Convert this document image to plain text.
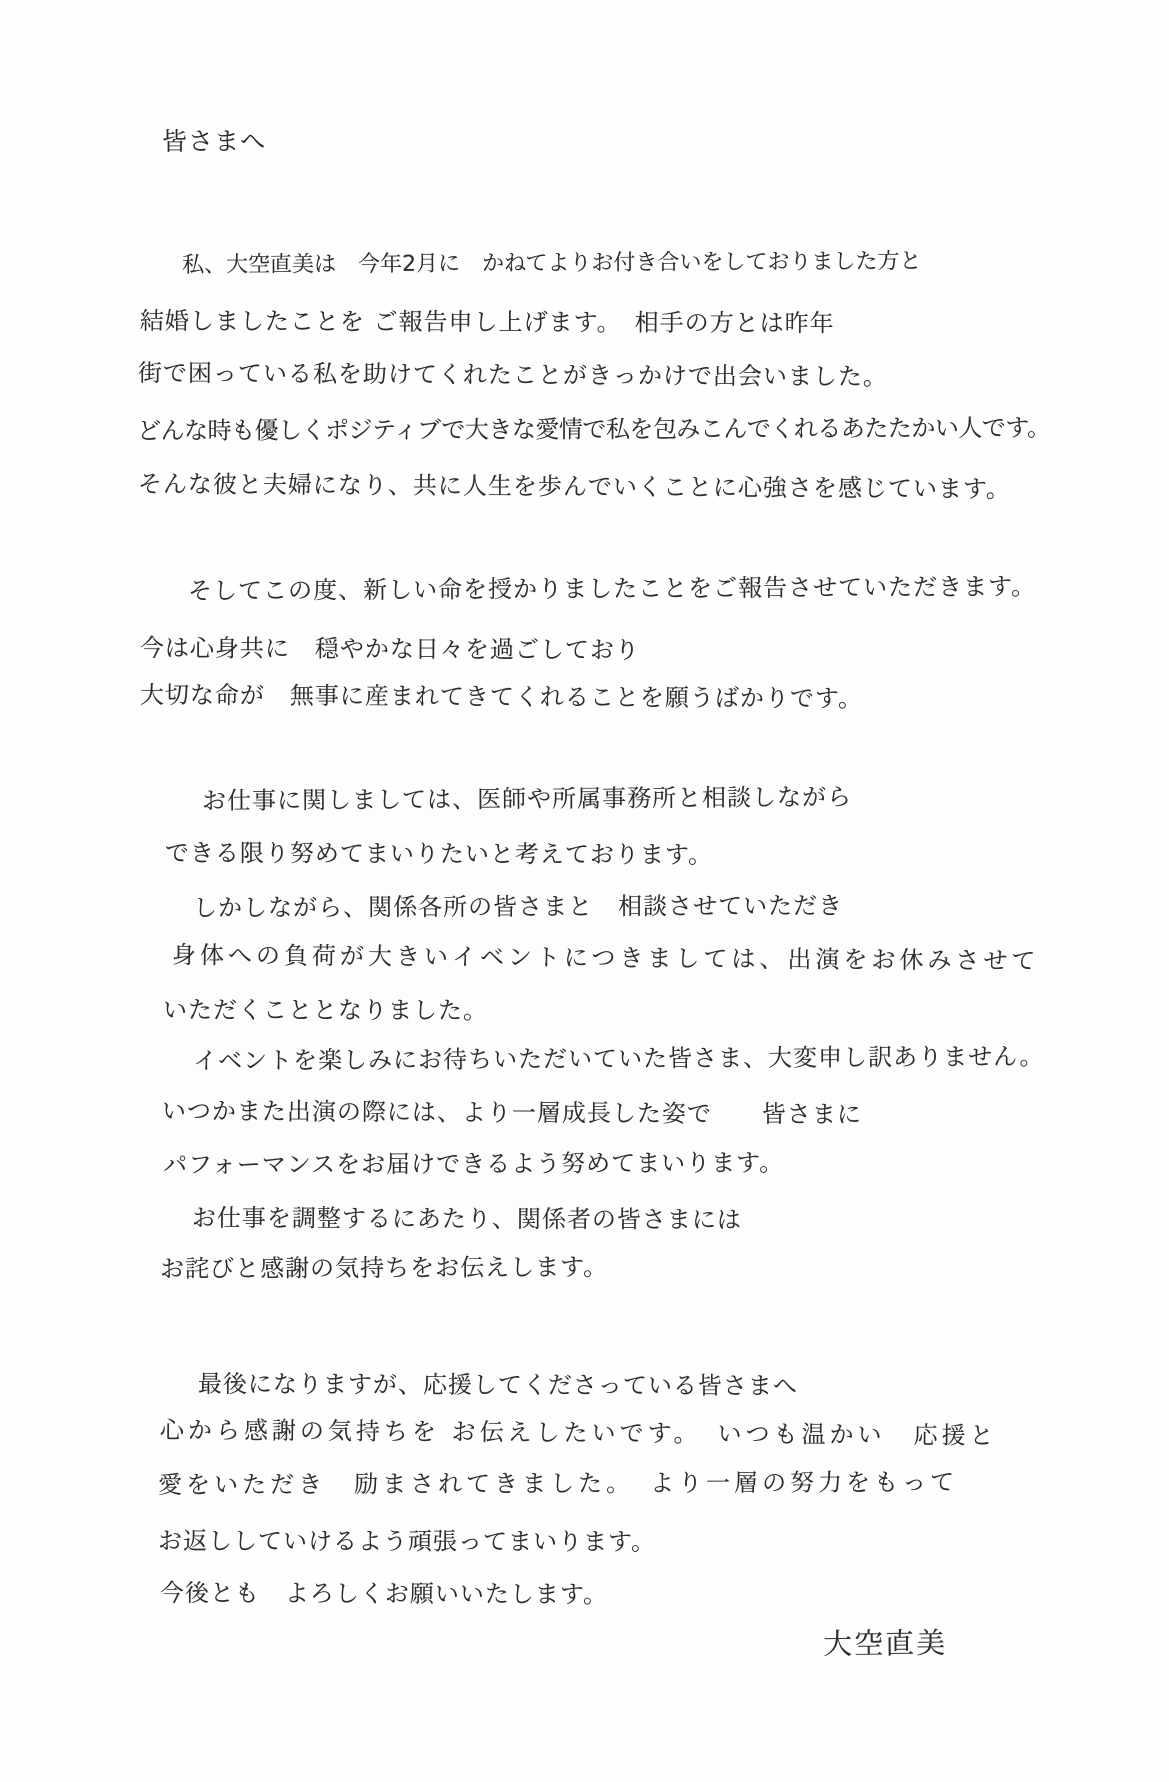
皆さまへ
私、大空直美は　今年2月に　かねてよりお付き合いをしておりました方と
結婚しましたことを ご報告申し上げます。　相手の方とは昨年
街で困っている私を助けてくれたことがきっかけで出会いました。
どんな時も優しくポジティブで大きな愛情で私を包みこんでくれるあたたかい人です。
そんな彼と夫婦になり、共に人生を歩んでいくことに心強さを感じています。
そしてこの度、新しい命を授かりましたことをご報告させていただきます。
今は心身共に　穏やかな日々を過ごしており
大切な命が　無事に産まれてきてくれることを願うばかりです。
お仕事に関しましては、医師や所属事務所と相談しながら
できる限り努めてまいりたいと考えております。
しかしながら、関係各所の皆さまと　相談させていただき
身体への負荷が大きいイベントにつきましては、出演をお休みさせて
いただくこととなりました。
イベントを楽しみにお待ちいただいていた皆さま、大変申し訳ありません。
いつかまた出演の際には、より一層成長した姿で　　皆さまに
パフォーマンスをお届けできるよう努めてまいります。
お仕事を調整するにあたり、関係者の皆さまには
お詫びと感謝の気持ちをお伝えします。
最後になりますが、応援してくださっている皆さまへ
心から感謝の気持ちを お伝えしたいです。　いつも温かい　応援と
愛をいただき　励まされてきました。　より一層の努力をもって
お返ししていけるよう頑張ってまいります。
今後とも　よろしくお願いいたします。
大空直美
